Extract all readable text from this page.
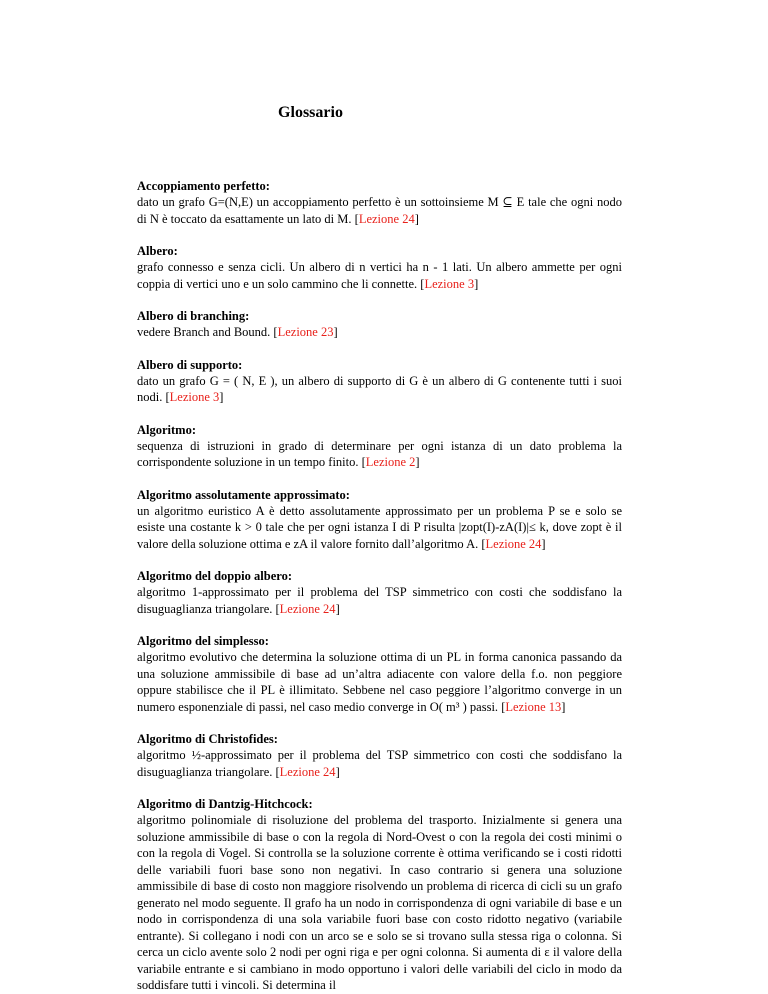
Glossario
Accoppiamento perfetto:
dato un grafo G=(N,E) un accoppiamento perfetto è un sottoinsieme M ⊆ E tale che ogni nodo di N è toccato da esattamente un lato di M. [Lezione 24]
Albero:
grafo connesso e senza cicli. Un albero di n vertici ha n - 1 lati. Un albero ammette per ogni coppia di vertici uno e un solo cammino che li connette. [Lezione 3]
Albero di branching:
vedere Branch and Bound. [Lezione 23]
Albero di supporto:
dato un grafo G = ( N, E ), un albero di supporto di G è un albero di G contenente tutti i suoi nodi. [Lezione 3]
Algoritmo:
sequenza di istruzioni in grado di determinare per ogni istanza di un dato problema la corrispondente soluzione in un tempo finito. [Lezione 2]
Algoritmo assolutamente approssimato:
un algoritmo euristico A è detto assolutamente approssimato per un problema P se e solo se esiste una costante k > 0 tale che per ogni istanza I di P risulta |zopt(I)-zA(I)|≤ k, dove zopt è il valore della soluzione ottima e zA il valore fornito dall’algoritmo A. [Lezione 24]
Algoritmo del doppio albero:
algoritmo 1-approssimato per il problema del TSP simmetrico con costi che soddisfano la disuguaglianza triangolare. [Lezione 24]
Algoritmo del simplesso:
algoritmo evolutivo che determina la soluzione ottima di un PL in forma canonica passando da una soluzione ammissibile di base ad un’altra adiacente con valore della f.o. non peggiore oppure stabilisce che il PL è illimitato. Sebbene nel caso peggiore l’algoritmo converge in un numero esponenziale di passi, nel caso medio converge in O( m³ ) passi. [Lezione 13]
Algoritmo di Christofides:
algoritmo ½-approssimato per il problema del TSP simmetrico con costi che soddisfano la disuguaglianza triangolare. [Lezione 24]
Algoritmo di Dantzig-Hitchcock:
algoritmo polinomiale di risoluzione del problema del trasporto. Inizialmente si genera una soluzione ammissibile di base o con la regola di Nord-Ovest o con la regola dei costi minimi o con la regola di Vogel. Si controlla se la soluzione corrente è ottima verificando se i costi ridotti delle variabili fuori base sono non negativi. In caso contrario si genera una soluzione ammissibile di base di costo non maggiore risolvendo un problema di ricerca di cicli su un grafo generato nel modo seguente. Il grafo ha un nodo in corrispondenza di ogni variabile di base e un nodo in corrispondenza di una sola variabile fuori base con costo ridotto negativo (variabile entrante). Si collegano i nodi con un arco se e solo se si trovano sulla stessa riga o colonna. Si cerca un ciclo avente solo 2 nodi per ogni riga e per ogni colonna. Si aumenta di ε il valore della variabile entrante e si cambiano in modo opportuno i valori delle variabili del ciclo in modo da soddisfare tutti i vincoli. Si determina il
